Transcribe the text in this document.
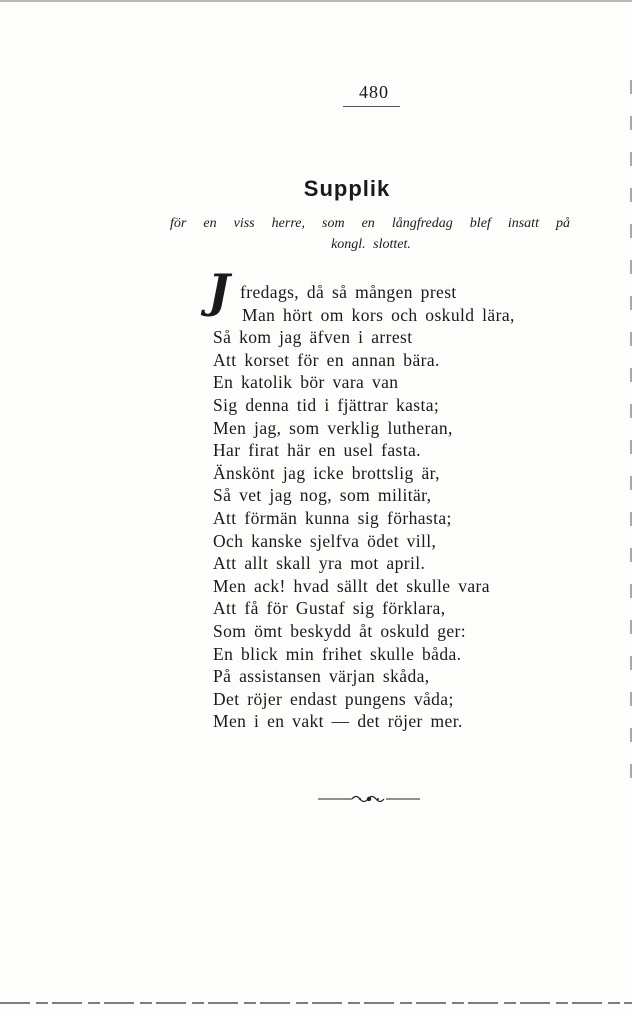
480
Supplik
för en viss herre, som en långfredag blef insatt på
kongl. slottet.
J fredags, då så mången prest
Man hört om kors och oskuld lära,
Så kom jag äfven i arrest
Att korset för en annan bära.
En katolik bör vara van
Sig denna tid i fjättrar kasta;
Men jag, som verklig lutheran,
Har firat här en usel fasta.
Änskönt jag icke brottslig är,
Så vet jag nog, som militär,
Att förmän kunna sig förhasta;
Och kanske sjelfva ödet vill,
Att allt skall yra mot april.
Men ack! hvad sällt det skulle vara
Att få för Gustaf sig förklara,
Som ömt beskydd åt oskuld ger:
En blick min frihet skulle båda.
På assistansen värjan skåda,
Det röjer endast pungens våda;
Men i en vakt — det röjer mer.
